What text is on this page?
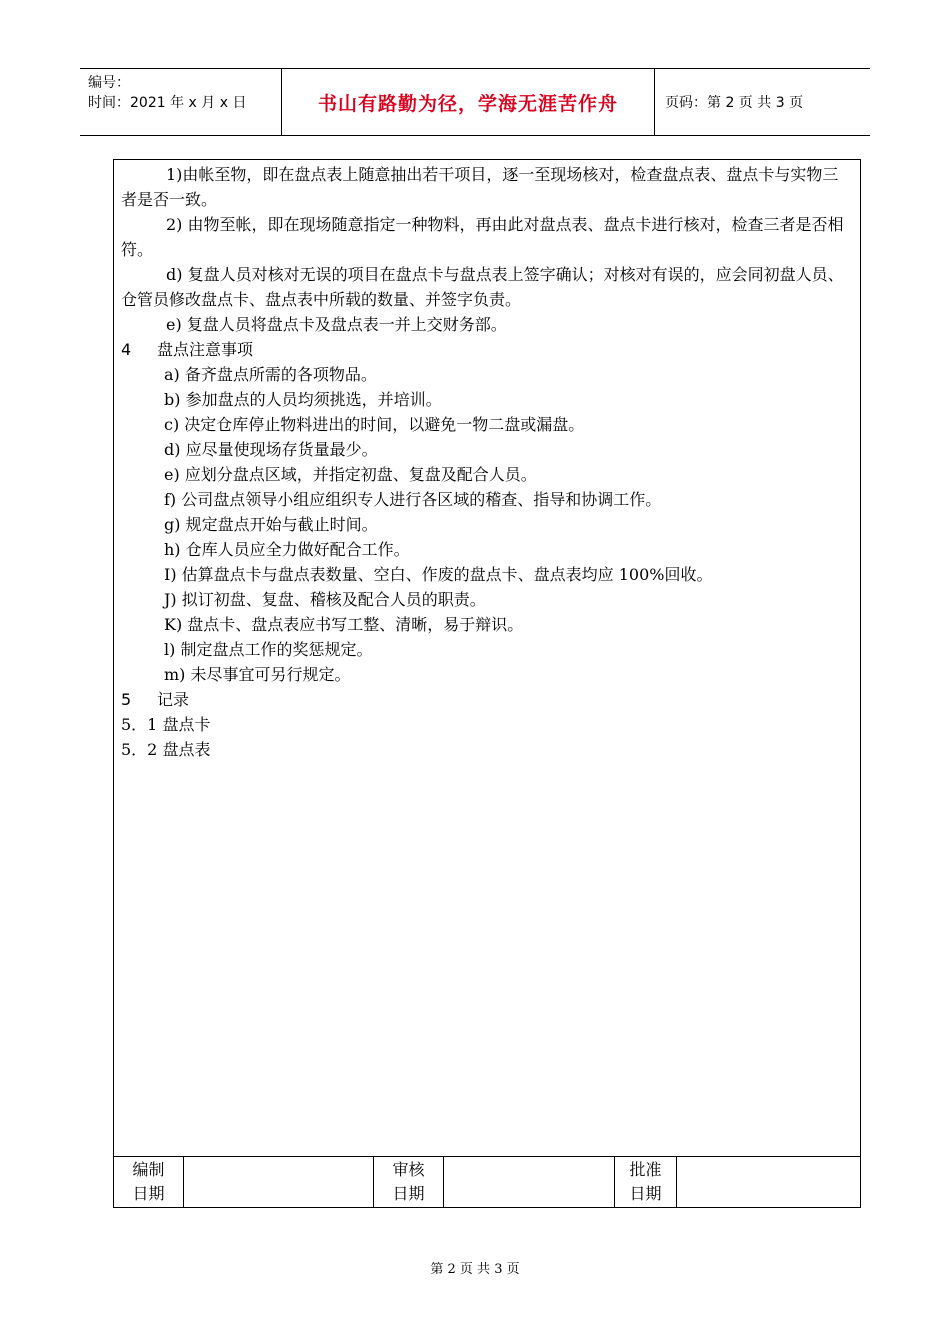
编号：
时间：2021 年 x 月 x 日	书山有路勤为径，学海无涯苦作舟	页码：第 2 页 共 3 页

1)由帐至物，即在盘点表上随意抽出若干项目，逐一至现场核对，检查盘点表、盘点卡与实物三者是否一致。

2) 由物至帐，即在现场随意指定一种物料，再由此对盘点表、盘点卡进行核对，检查三者是否相符。

d) 复盘人员对核对无误的项目在盘点卡与盘点表上签字确认；对核对有误的，应会同初盘人员、仓管员修改盘点卡、盘点表中所载的数量、并签字负责。

e) 复盘人员将盘点卡及盘点表一并上交财务部。

4 盘点注意事项

a) 备齐盘点所需的各项物品。

b) 参加盘点的人员均须挑选，并培训。

c) 决定仓库停止物料进出的时间，以避免一物二盘或漏盘。

d) 应尽量使现场存货量最少。

e) 应划分盘点区域，并指定初盘、复盘及配合人员。

f) 公司盘点领导小组应组织专人进行各区域的稽查、指导和协调工作。

g) 规定盘点开始与截止时间。

h) 仓库人员应全力做好配合工作。

I) 估算盘点卡与盘点表数量、空白、作废的盘点卡、盘点表均应 100%回收。

J) 拟订初盘、复盘、稽核及配合人员的职责。

K) 盘点卡、盘点表应书写工整、清晰，易于辩识。

l) 制定盘点工作的奖惩规定。

m) 未尽事宜可另行规定。

5 记录

5．1 盘点卡

5．2 盘点表

编制
日期
审核
日期
批准
日期
第 2 页 共 3 页
